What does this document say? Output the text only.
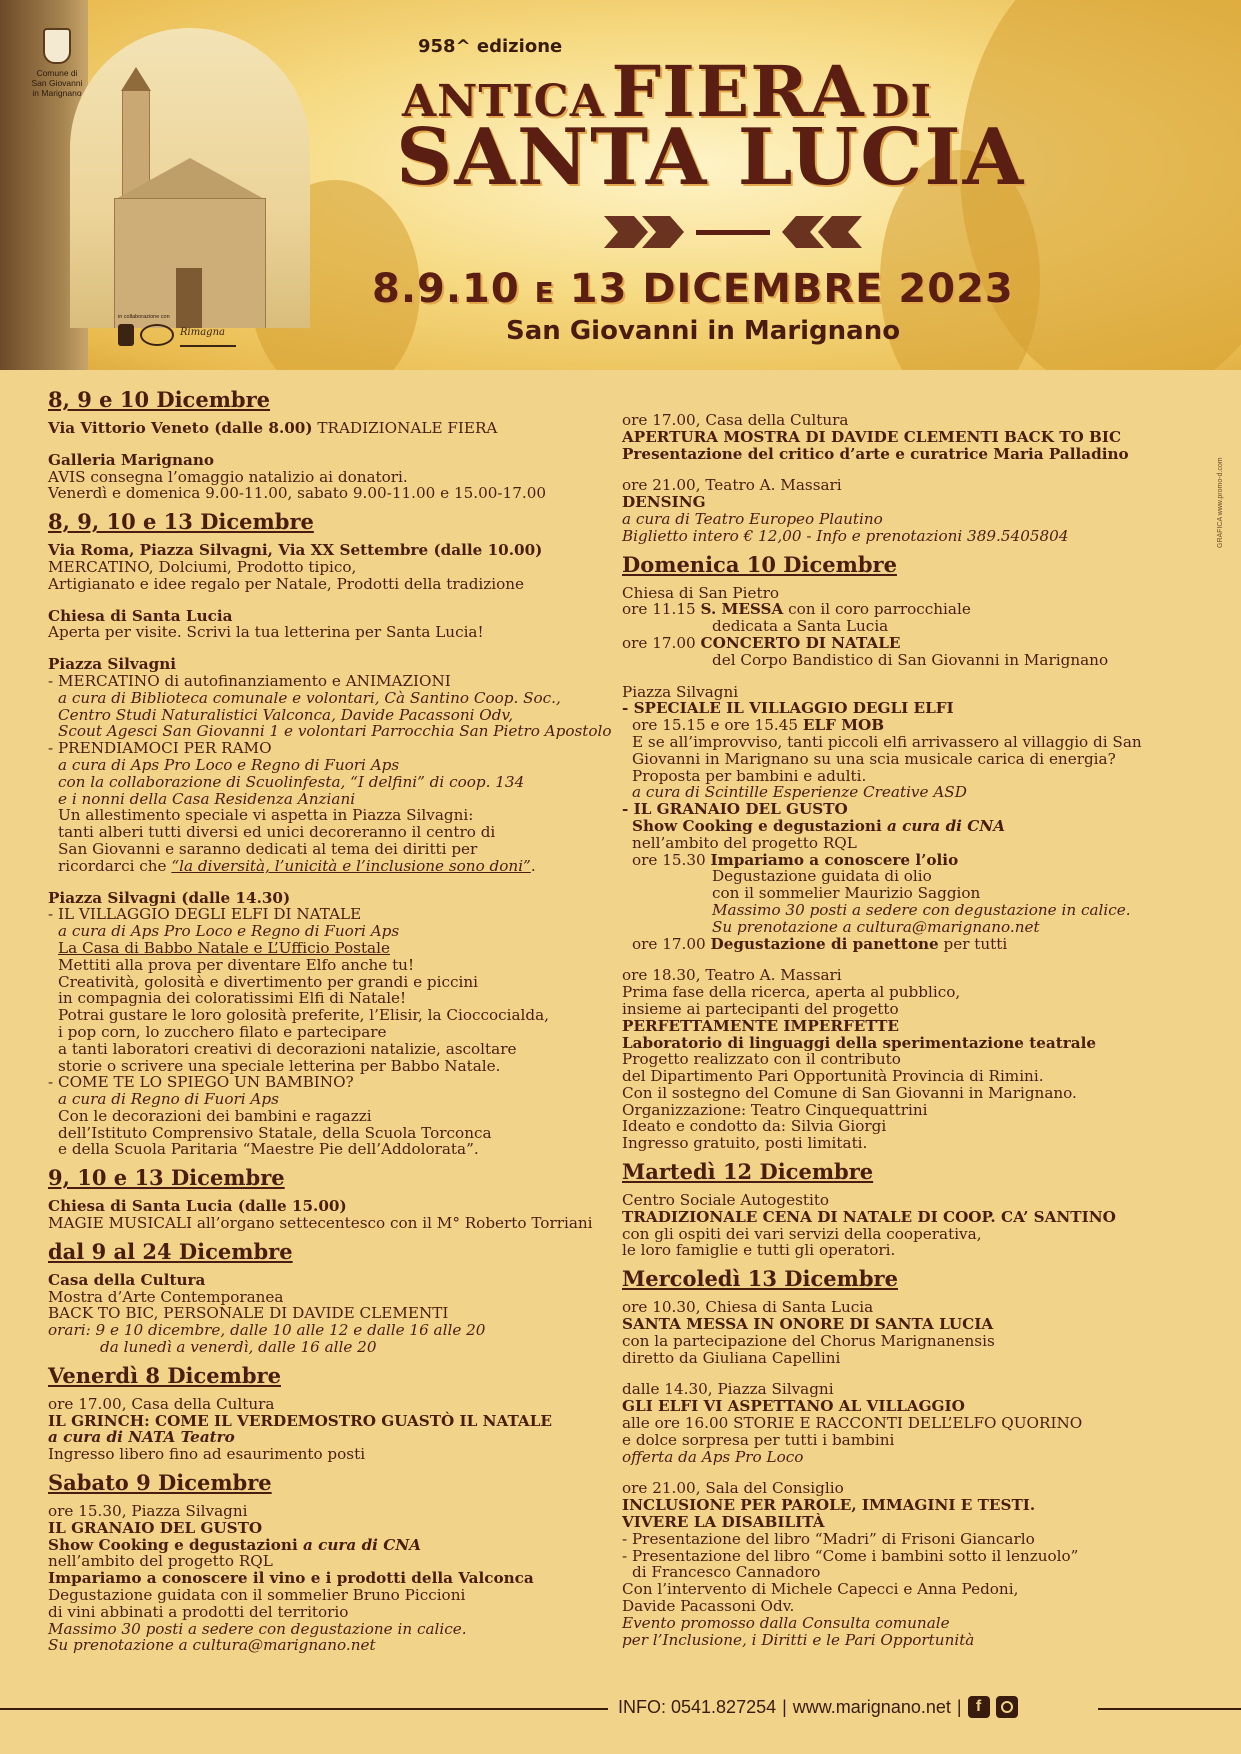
Comune di
San Giovanni
in Marignano
in collaborazione con
Rimagna
958^ edizione
ANTICA FIERA DI
SANTA LUCIA
8.9.10 E 13 DICEMBRE 2023
San Giovanni in Marignano
8, 9 e 10 Dicembre

Via Vittorio Veneto (dalle 8.00) TRADIZIONALE FIERA

Galleria Marignano

AVIS consegna l’omaggio natalizio ai donatori.

Venerdì e domenica 9.00-11.00, sabato 9.00-11.00 e 15.00-17.00

8, 9, 10 e 13 Dicembre

Via Roma, Piazza Silvagni, Via XX Settembre (dalle 10.00)

MERCATINO, Dolciumi, Prodotto tipico,

Artigianato e idee regalo per Natale, Prodotti della tradizione

Chiesa di Santa Lucia

Aperta per visite. Scrivi la tua letterina per Santa Lucia!

Piazza Silvagni

- MERCATINO di autofinanziamento e ANIMAZIONI

a cura di Biblioteca comunale e volontari, Cà Santino Coop. Soc.,

Centro Studi Naturalistici Valconca, Davide Pacassoni Odv,

Scout Agesci San Giovanni 1 e volontari Parrocchia San Pietro Apostolo

- PRENDIAMOCI PER RAMO

a cura di Aps Pro Loco e Regno di Fuori Aps

con la collaborazione di Scuolinfesta, “I delfini” di coop. 134

e i nonni della Casa Residenza Anziani

Un allestimento speciale vi aspetta in Piazza Silvagni:

tanti alberi tutti diversi ed unici decoreranno il centro di

San Giovanni e saranno dedicati al tema dei diritti per

ricordarci che “la diversità, l’unicità e l’inclusione sono doni”.

Piazza Silvagni (dalle 14.30)

- IL VILLAGGIO DEGLI ELFI DI NATALE

a cura di Aps Pro Loco e Regno di Fuori Aps

La Casa di Babbo Natale e L’Ufficio Postale

Mettiti alla prova per diventare Elfo anche tu!

Creatività, golosità e divertimento per grandi e piccini

in compagnia dei coloratissimi Elfi di Natale!

Potrai gustare le loro golosità preferite, l’Elisir, la Cioccocialda,

i pop corn, lo zucchero filato e partecipare

a tanti laboratori creativi di decorazioni natalizie, ascoltare

storie o scrivere una speciale letterina per Babbo Natale.

- COME TE LO SPIEGO UN BAMBINO?

a cura di Regno di Fuori Aps

Con le decorazioni dei bambini e ragazzi

dell’Istituto Comprensivo Statale, della Scuola Torconca

e della Scuola Paritaria “Maestre Pie dell’Addolorata”.

9, 10 e 13 Dicembre

Chiesa di Santa Lucia (dalle 15.00)

MAGIE MUSICALI all’organo settecentesco con il M° Roberto Torriani

dal 9 al 24 Dicembre

Casa della Cultura

Mostra d’Arte Contemporanea

BACK TO BIC, PERSONALE DI DAVIDE CLEMENTI

orari: 9 e 10 dicembre, dalle 10 alle 12 e dalle 16 alle 20

da lunedì a venerdì, dalle 16 alle 20

Venerdì 8 Dicembre

ore 17.00, Casa della Cultura

IL GRINCH: COME IL VERDEMOSTRO GUASTÒ IL NATALE

a cura di NATA Teatro

Ingresso libero fino ad esaurimento posti

Sabato 9 Dicembre

ore 15.30, Piazza Silvagni

IL GRANAIO DEL GUSTO

Show Cooking e degustazioni a cura di CNA

nell’ambito del progetto RQL

Impariamo a conoscere il vino e i prodotti della Valconca

Degustazione guidata con il sommelier Bruno Piccioni

di vini abbinati a prodotti del territorio

Massimo 30 posti a sedere con degustazione in calice.

Su prenotazione a cultura@marignano.net

ore 17.00, Casa della Cultura

APERTURA MOSTRA DI DAVIDE CLEMENTI BACK TO BIC

Presentazione del critico d’arte e curatrice Maria Palladino

ore 21.00, Teatro A. Massari

DENSING

a cura di Teatro Europeo Plautino

Biglietto intero € 12,00 - Info e prenotazioni 389.5405804

Domenica 10 Dicembre

Chiesa di San Pietro

ore 11.15 S. MESSA con il coro parrocchiale

dedicata a Santa Lucia

ore 17.00 CONCERTO DI NATALE

del Corpo Bandistico di San Giovanni in Marignano

Piazza Silvagni

- SPECIALE IL VILLAGGIO DEGLI ELFI

ore 15.15 e ore 15.45 ELF MOB

E se all’improvviso, tanti piccoli elfi arrivassero al villaggio di San

Giovanni in Marignano su una scia musicale carica di energia?

Proposta per bambini e adulti.

a cura di Scintille Esperienze Creative ASD

- IL GRANAIO DEL GUSTO

Show Cooking e degustazioni a cura di CNA

nell’ambito del progetto RQL

ore 15.30 Impariamo a conoscere l’olio

Degustazione guidata di olio

con il sommelier Maurizio Saggion

Massimo 30 posti a sedere con degustazione in calice.

Su prenotazione a cultura@marignano.net

ore 17.00 Degustazione di panettone per tutti

ore 18.30, Teatro A. Massari

Prima fase della ricerca, aperta al pubblico,

insieme ai partecipanti del progetto

PERFETTAMENTE IMPERFETTE

Laboratorio di linguaggi della sperimentazione teatrale

Progetto realizzato con il contributo

del Dipartimento Pari Opportunità Provincia di Rimini.

Con il sostegno del Comune di San Giovanni in Marignano.

Organizzazione: Teatro Cinquequattrini

Ideato e condotto da: Silvia Giorgi

Ingresso gratuito, posti limitati.

Martedì 12 Dicembre

Centro Sociale Autogestito

TRADIZIONALE CENA DI NATALE DI COOP. CA’ SANTINO

con gli ospiti dei vari servizi della cooperativa,

le loro famiglie e tutti gli operatori.

Mercoledì 13 Dicembre

ore 10.30, Chiesa di Santa Lucia

SANTA MESSA IN ONORE DI SANTA LUCIA

con la partecipazione del Chorus Marignanensis

diretto da Giuliana Capellini

dalle 14.30, Piazza Silvagni

GLI ELFI VI ASPETTANO AL VILLAGGIO

alle ore 16.00 STORIE E RACCONTI DELL’ELFO QUORINO

e dolce sorpresa per tutti i bambini

offerta da Aps Pro Loco

ore 21.00, Sala del Consiglio

INCLUSIONE PER PAROLE, IMMAGINI E TESTI.

VIVERE LA DISABILITÀ

- Presentazione del libro “Madri” di Frisoni Giancarlo

- Presentazione del libro “Come i bambini sotto il lenzuolo”

di Francesco Cannadoro

Con l’intervento di Michele Capecci e Anna Pedoni,

Davide Pacassoni Odv.

Evento promosso dalla Consulta comunale

per l’Inclusione, i Diritti e le Pari Opportunità

GRAFICA www.promo-d.com
INFO: 0541.827254 | www.marignano.net | f
